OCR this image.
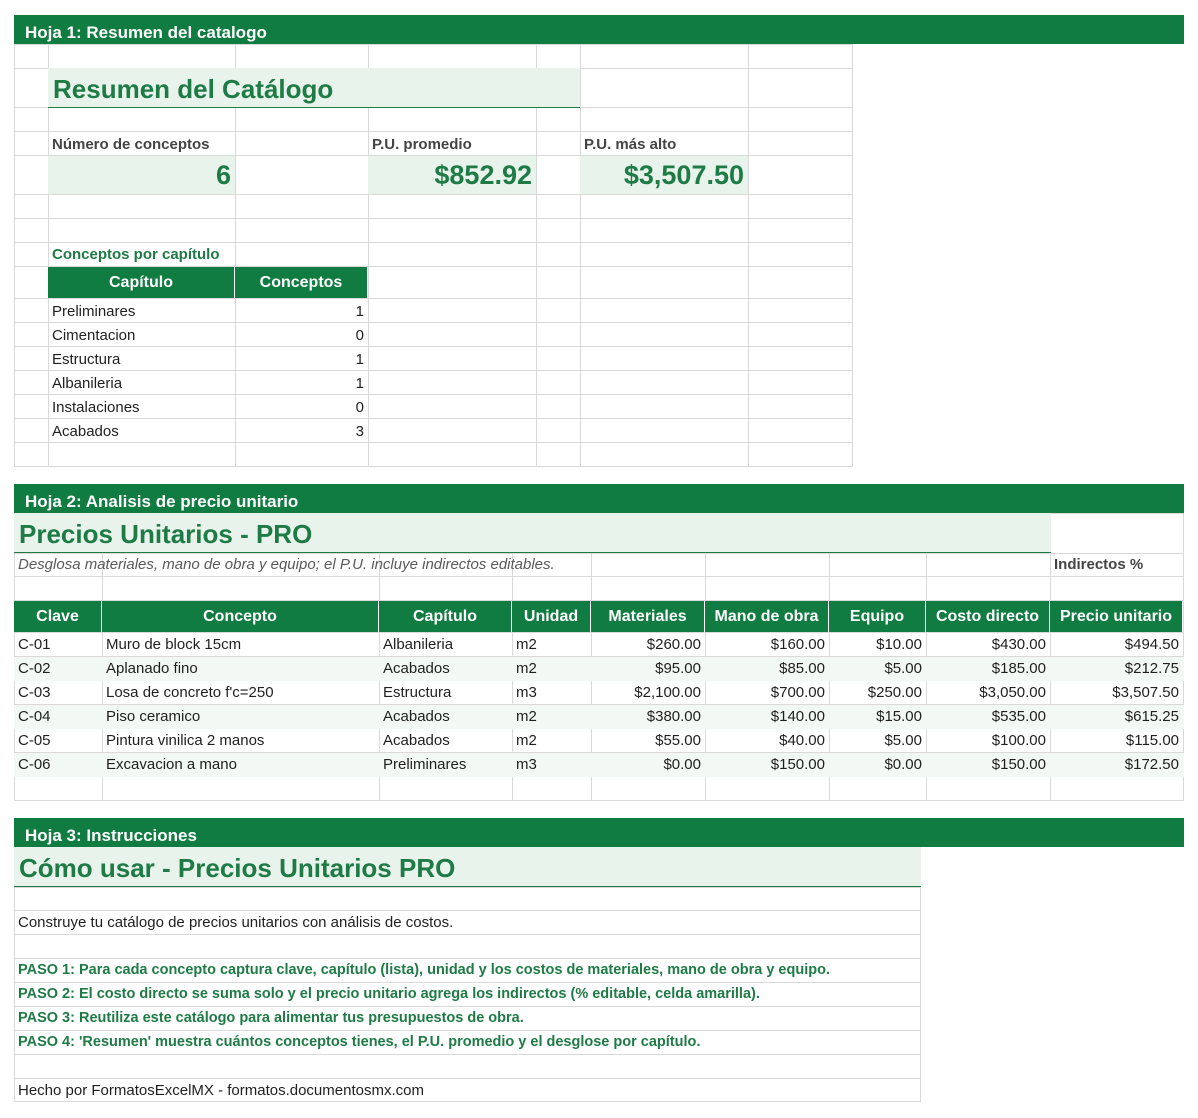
Hoja 1: Resumen del catalogo
Resumen del Catálogo
Número de conceptos
6
P.U. promedio
$852.92
P.U. más alto
$3,507.50
Conceptos por capítulo
Capítulo	Conceptos
Preliminares	1
Cimentacion	0
Estructura	1
Albanileria	1
Instalaciones	0
Acabados	3
Hoja 2: Analisis de precio unitario
Precios Unitarios - PRO
Desglosa materiales, mano de obra y equipo; el P.U. incluye indirectos editables.	Indirectos %
Clave	Concepto	Capítulo	Unidad	Materiales	Mano de obra	Equipo	Costo directo	Precio unitario
C-01	Muro de block 15cm	Albanileria	m2	$260.00	$160.00	$10.00	$430.00	$494.50
C-02	Aplanado fino	Acabados	m2	$95.00	$85.00	$5.00	$185.00	$212.75
C-03	Losa de concreto f'c=250	Estructura	m3	$2,100.00	$700.00	$250.00	$3,050.00	$3,507.50
C-04	Piso ceramico	Acabados	m2	$380.00	$140.00	$15.00	$535.00	$615.25
C-05	Pintura vinilica 2 manos	Acabados	m2	$55.00	$40.00	$5.00	$100.00	$115.00
C-06	Excavacion a mano	Preliminares	m3	$0.00	$150.00	$0.00	$150.00	$172.50
Hoja 3: Instrucciones
Cómo usar - Precios Unitarios PRO
Construye tu catálogo de precios unitarios con análisis de costos.
PASO 1: Para cada concepto captura clave, capítulo (lista), unidad y los costos de materiales, mano de obra y equipo.
PASO 2: El costo directo se suma solo y el precio unitario agrega los indirectos (% editable, celda amarilla).
PASO 3: Reutiliza este catálogo para alimentar tus presupuestos de obra.
PASO 4: 'Resumen' muestra cuántos conceptos tienes, el P.U. promedio y el desglose por capítulo.
Hecho por FormatosExcelMX - formatos.documentosmx.com
